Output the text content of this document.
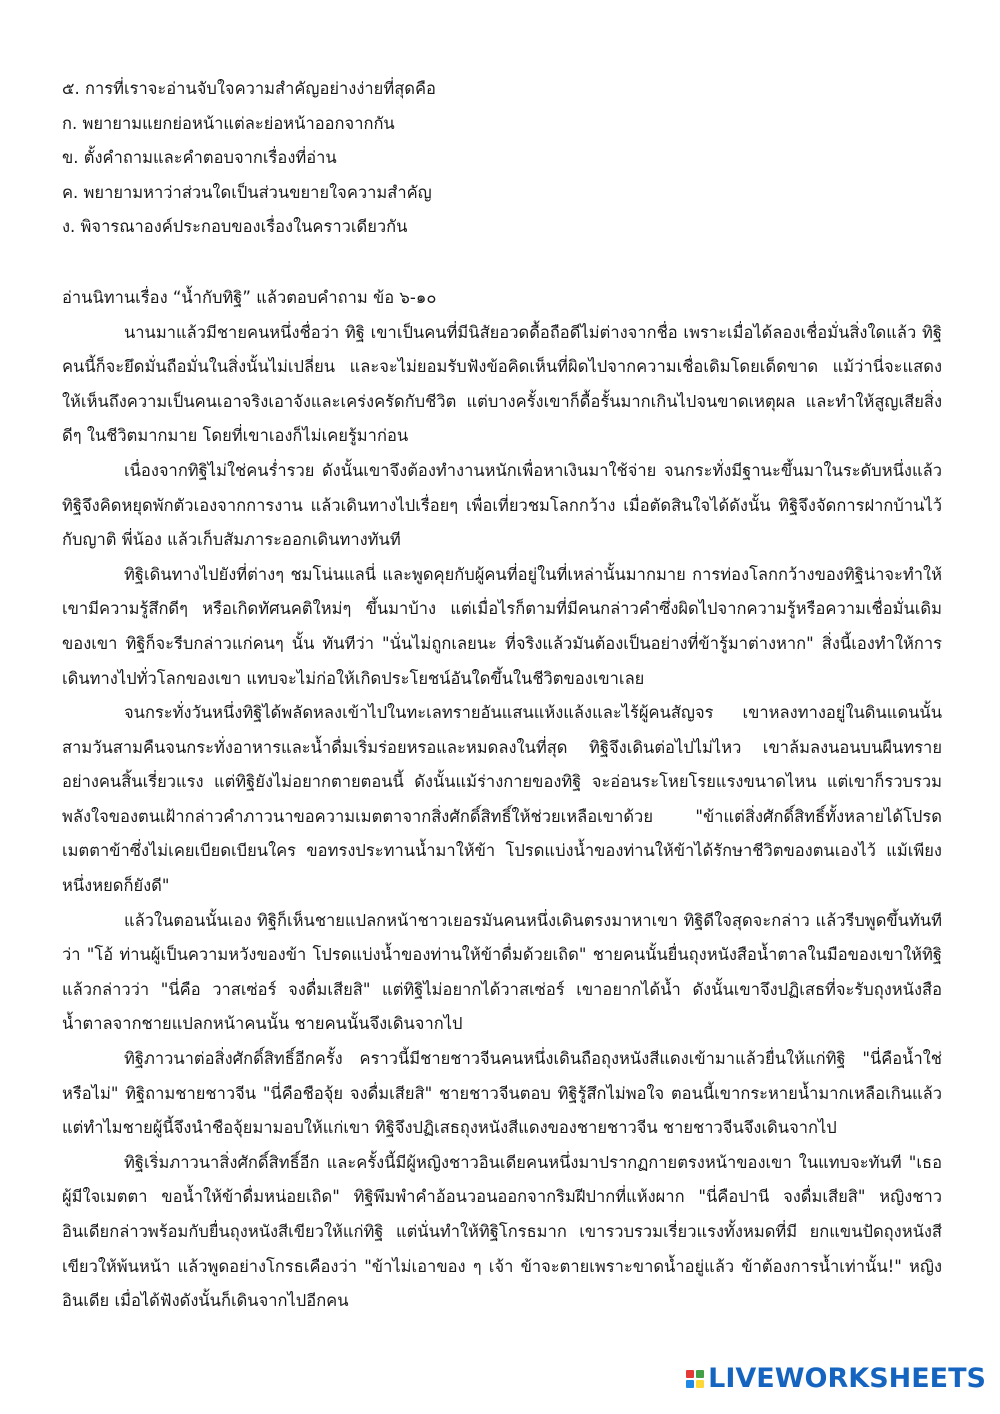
๕. การที่เราจะอ่านจับใจความสำคัญอย่างง่ายที่สุดคือ

ก. พยายามแยกย่อหน้าแต่ละย่อหน้าออกจากกัน

ข. ตั้งคำถามและคำตอบจากเรื่องที่อ่าน

ค. พยายามหาว่าส่วนใดเป็นส่วนขยายใจความสำคัญ

ง. พิจารณาองค์ประกอบของเรื่องในคราวเดียวกัน

อ่านนิทานเรื่อง “น้ำกับทิฐิ” แล้วตอบคำถาม ข้อ ๖-๑๐

นานมาแล้วมีชายคนหนึ่งชื่อว่า ทิฐิ เขาเป็นคนที่มีนิสัยอวดดื้อถือดีไม่ต่างจากชื่อ เพราะเมื่อได้ลองเชื่อมั่นสิ่งใดแล้ว ทิฐิคนนี้ก็จะยึดมั่นถือมั่นในสิ่งนั้นไม่เปลี่ยน และจะไม่ยอมรับฟังข้อคิดเห็นที่ผิดไปจากความเชื่อเดิมโดยเด็ดขาด แม้ว่านี่จะแสดงให้เห็นถึงความเป็นคนเอาจริงเอาจังและเคร่งครัดกับชีวิต แต่บางครั้งเขาก็ดื้อรั้นมากเกินไปจนขาดเหตุผล และทำให้สูญเสียสิ่งดีๆ ในชีวิตมากมาย โดยที่เขาเองก็ไม่เคยรู้มาก่อน

เนื่องจากทิฐิไม่ใช่คนร่ำรวย ดังนั้นเขาจึงต้องทำงานหนักเพื่อหาเงินมาใช้จ่าย จนกระทั่งมีฐานะขึ้นมาในระดับหนึ่งแล้ว ทิฐิจึงคิดหยุดพักตัวเองจากการงาน แล้วเดินทางไปเรื่อยๆ เพื่อเที่ยวชมโลกกว้าง เมื่อตัดสินใจได้ดังนั้น ทิฐิจึงจัดการฝากบ้านไว้กับญาติ พี่น้อง แล้วเก็บสัมภาระออกเดินทางทันที

ทิฐิเดินทางไปยังที่ต่างๆ ชมโน่นแลนี่ และพูดคุยกับผู้คนที่อยู่ในที่เหล่านั้นมากมาย การท่องโลกกว้างของทิฐิน่าจะทำให้เขามีความรู้สึกดีๆ หรือเกิดทัศนคติใหม่ๆ ขึ้นมาบ้าง แต่เมื่อไรก็ตามที่มีคนกล่าวคำซึ่งผิดไปจากความรู้หรือความเชื่อมั่นเดิมของเขา ทิฐิก็จะรีบกล่าวแก่คนๆ นั้น ทันทีว่า "นั่นไม่ถูกเลยนะ ที่จริงแล้วมันต้องเป็นอย่างที่ข้ารู้มาต่างหาก" สิ่งนี้เองทำให้การเดินทางไปทั่วโลกของเขา แทบจะไม่ก่อให้เกิดประโยชน์อันใดขึ้นในชีวิตของเขาเลย

จนกระทั่งวันหนึ่งทิฐิได้พลัดหลงเข้าไปในทะเลทรายอันแสนแห้งแล้งและไร้ผู้คนสัญจร เขาหลงทางอยู่ในดินแดนนั้นสามวันสามคืนจนกระทั่งอาหารและน้ำดื่มเริ่มร่อยหรอและหมดลงในที่สุด ทิฐิจึงเดินต่อไปไม่ไหว เขาล้มลงนอนบนผืนทรายอย่างคนสิ้นเรี่ยวแรง แต่ทิฐิยังไม่อยากตายตอนนี้ ดังนั้นแม้ร่างกายของทิฐิ จะอ่อนระโหยโรยแรงขนาดไหน แต่เขาก็รวบรวมพลังใจของตนเฝ้ากล่าวคำภาวนาขอความเมตตาจากสิ่งศักดิ์สิทธิ์ให้ช่วยเหลือเขาด้วย "ข้าแต่สิ่งศักดิ์สิทธิ์ทั้งหลายได้โปรดเมตตาข้าซึ่งไม่เคยเบียดเบียนใคร ขอทรงประทานน้ำมาให้ข้า โปรดแบ่งน้ำของท่านให้ข้าได้รักษาชีวิตของตนเองไว้ แม้เพียงหนึ่งหยดก็ยังดี"

แล้วในตอนนั้นเอง ทิฐิก็เห็นชายแปลกหน้าชาวเยอรมันคนหนึ่งเดินตรงมาหาเขา ทิฐิดีใจสุดจะกล่าว แล้วรีบพูดขึ้นทันทีว่า "โอ้ ท่านผู้เป็นความหวังของข้า โปรดแบ่งน้ำของท่านให้ข้าดื่มด้วยเถิด" ชายคนนั้นยื่นถุงหนังสือน้ำตาลในมือของเขาให้ทิฐิ แล้วกล่าวว่า "นี่คือ วาสเซ่อร์ จงดื่มเสียสิ" แต่ทิฐิไม่อยากได้วาสเซ่อร์ เขาอยากได้น้ำ ดังนั้นเขาจึงปฏิเสธที่จะรับถุงหนังสือน้ำตาลจากชายแปลกหน้าคนนั้น ชายคนนั้นจึงเดินจากไป

ทิฐิภาวนาต่อสิ่งศักดิ์สิทธิ์อีกครั้ง คราวนี้มีชายชาวจีนคนหนึ่งเดินถือถุงหนังสีแดงเข้ามาแล้วยื่นให้แก่ทิฐิ "นี่คือน้ำใช่หรือไม่" ทิฐิถามชายชาวจีน "นี่คือชือจุ้ย จงดื่มเสียสิ" ชายชาวจีนตอบ ทิฐิรู้สึกไม่พอใจ ตอนนี้เขากระหายน้ำมากเหลือเกินแล้ว แต่ทำไมชายผู้นี้จึงนำชือจุ้ยมามอบให้แก่เขา ทิฐิจึงปฏิเสธถุงหนังสีแดงของชายชาวจีน ชายชาวจีนจึงเดินจากไป

ทิฐิเริ่มภาวนาสิ่งศักดิ์สิทธิ์อีก และครั้งนี้มีผู้หญิงชาวอินเดียคนหนึ่งมาปรากฏกายตรงหน้าของเขา ในแทบจะทันที "เธอผู้มีใจเมตตา ขอน้ำให้ข้าดื่มหน่อยเถิด" ทิฐิพึมพำคำอ้อนวอนออกจากริมฝีปากที่แห้งผาก "นี่คือปานี จงดื่มเสียสิ" หญิงชาวอินเดียกล่าวพร้อมกับยื่นถุงหนังสีเขียวให้แก่ทิฐิ แต่นั่นทำให้ทิฐิโกรธมาก เขารวบรวมเรี่ยวแรงทั้งหมดที่มี ยกแขนปัดถุงหนังสีเขียวให้พ้นหน้า แล้วพูดอย่างโกรธเคืองว่า "ข้าไม่เอาของ ๆ เจ้า ข้าจะตายเพราะขาดน้ำอยู่แล้ว ข้าต้องการน้ำเท่านั้น!" หญิงอินเดีย เมื่อได้ฟังดังนั้นก็เดินจากไปอีกคน

LIVEWORKSHEETS
